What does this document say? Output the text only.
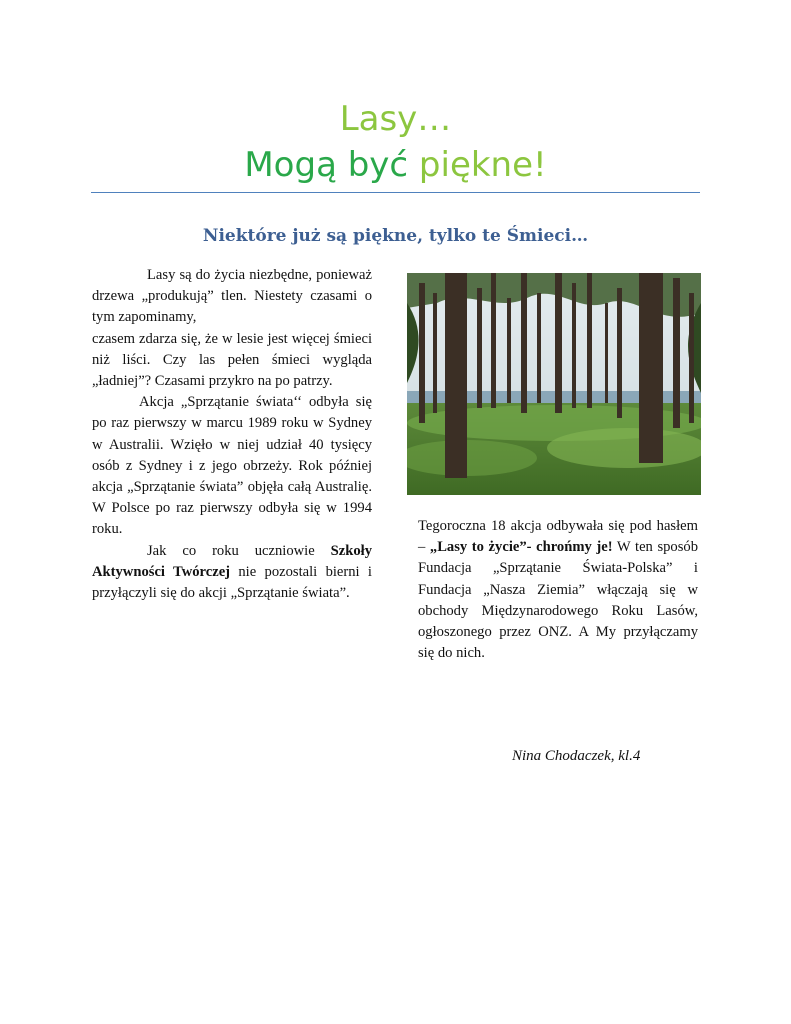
Lasy…
Mogą być piękne!
Niektóre już są piękne, tylko te Śmieci…

Lasy są do życia niezbędne, ponieważ drzewa „produkują” tlen. Niestety czasami o tym zapominamy,

czasem zdarza się, że w lesie jest więcej śmieci niż liści. Czy las pełen śmieci wygląda „ładniej”? Czasami przykro na po patrzy.

Akcja „Sprzątanie świata‘‘ odbyła się po raz pierwszy w marcu 1989 roku w Sydney w Australii. Wzięło w niej udział 40 tysięcy osób z Sydney i z jego obrzeży. Rok później akcja „Sprzątanie świata” objęła całą Australię. W Polsce po raz pierwszy odbyła się w 1994 roku.

Jak co roku uczniowie Szkoły Aktywności Twórczej nie pozostali bierni i przyłączyli się do akcji „Sprzątanie świata”.

Tegoroczna 18 akcja odbywała się pod hasłem – „Lasy to życie”- chrońmy je! W ten sposób Fundacja „Sprzątanie Świata-Polska” i Fundacja „Nasza Ziemia” włączają się w obchody Międzynarodowego Roku Lasów, ogłoszonego przez ONZ. A My przyłączamy się do nich.

Nina Chodaczek, kl.4
